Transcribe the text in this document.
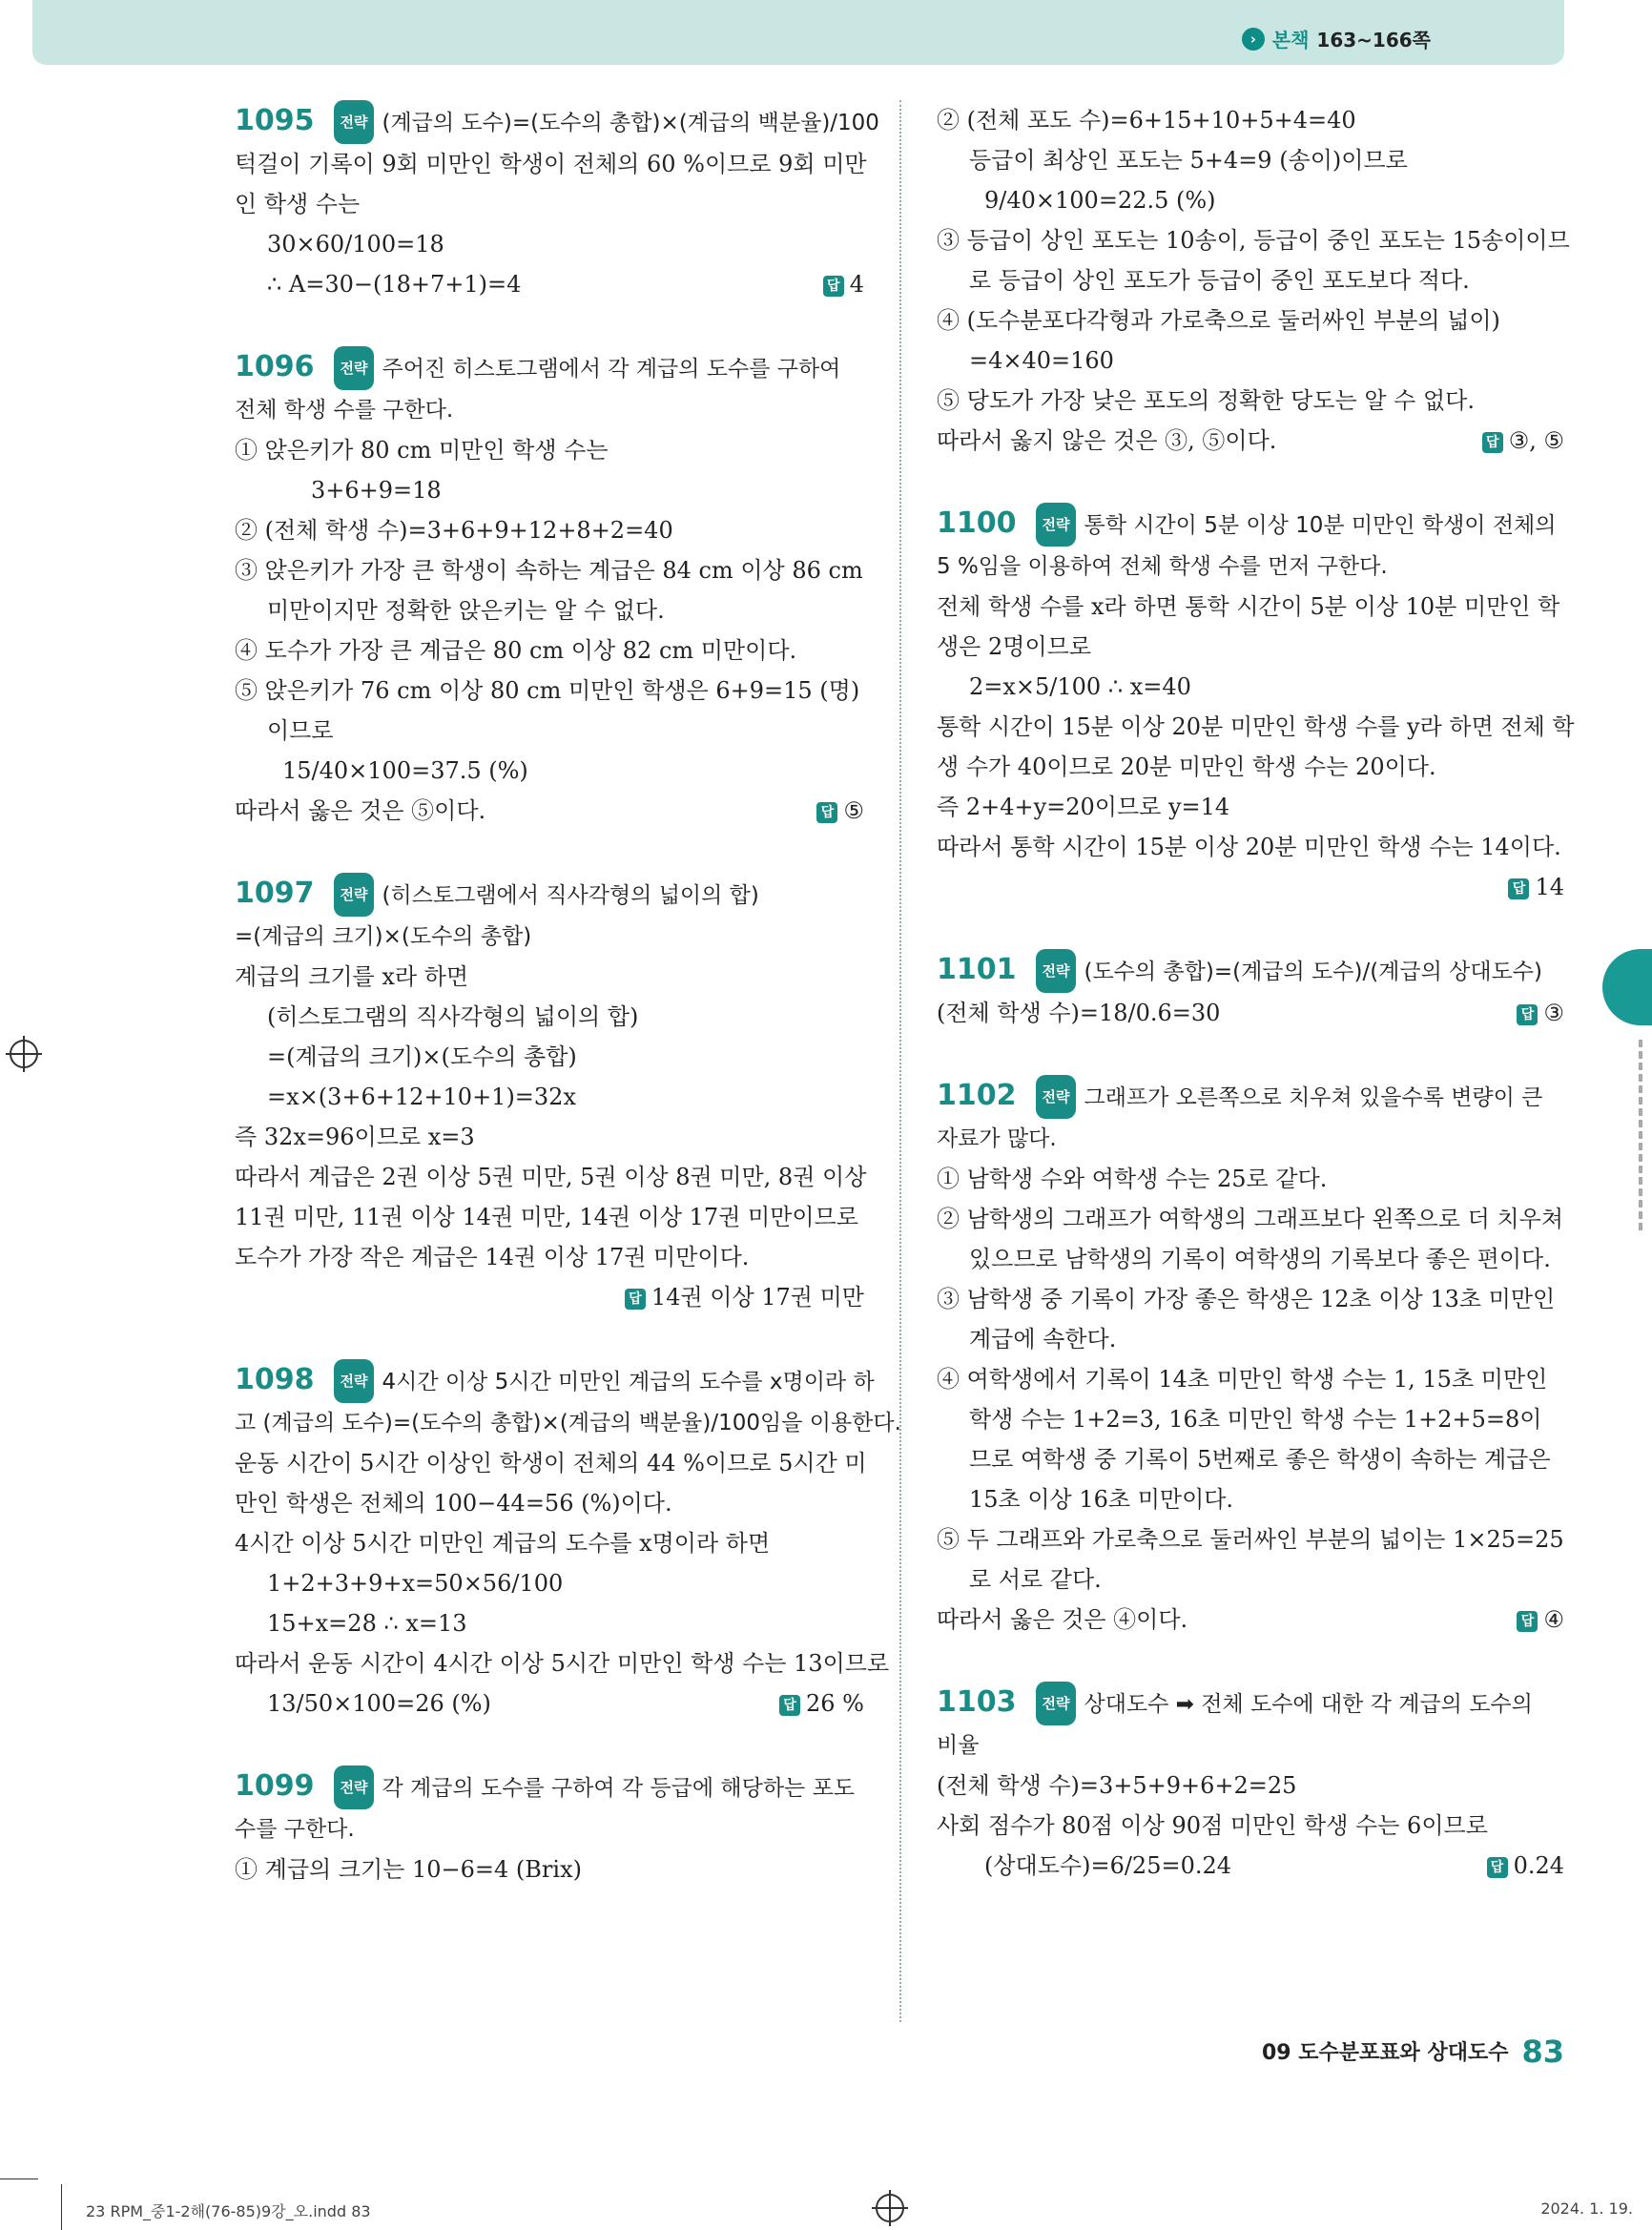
› 본책 163~166쪽
1095 전략 (계급의 도수)=(도수의 총합)×(계급의 백분율)/100
턱걸이 기록이 9회 미만인 학생이 전체의 60 %이므로 9회 미만
인 학생 수는
30×60/100=18
답 4
∴ A=30−(18+7+1)=4
1096 전략 주어진 히스토그램에서 각 계급의 도수를 구하여
전체 학생 수를 구한다.
① 앉은키가 80 cm 미만인 학생 수는
3+6+9=18
② (전체 학생 수)=3+6+9+12+8+2=40
③ 앉은키가 가장 큰 학생이 속하는 계급은 84 cm 이상 86 cm
미만이지만 정확한 앉은키는 알 수 없다.
④ 도수가 가장 큰 계급은 80 cm 이상 82 cm 미만이다.
⑤ 앉은키가 76 cm 이상 80 cm 미만인 학생은 6+9=15 (명)
이므로
15/40×100=37.5 (%)
답 ⑤
따라서 옳은 것은 ⑤이다.
1097 전략 (히스토그램에서 직사각형의 넓이의 합)
=(계급의 크기)×(도수의 총합)
계급의 크기를 x라 하면
(히스토그램의 직사각형의 넓이의 합)
=(계급의 크기)×(도수의 총합)
=x×(3+6+12+10+1)=32x
즉 32x=96이므로 x=3
따라서 계급은 2권 이상 5권 미만, 5권 이상 8권 미만, 8권 이상
11권 미만, 11권 이상 14권 미만, 14권 이상 17권 미만이므로
도수가 가장 작은 계급은 14권 이상 17권 미만이다.
답 14권 이상 17권 미만
1098 전략 4시간 이상 5시간 미만인 계급의 도수를 x명이라 하
고 (계급의 도수)=(도수의 총합)×(계급의 백분율)/100임을 이용한다.
운동 시간이 5시간 이상인 학생이 전체의 44 %이므로 5시간 미
만인 학생은 전체의 100−44=56 (%)이다.
4시간 이상 5시간 미만인 계급의 도수를 x명이라 하면
1+2+3+9+x=50×56/100
15+x=28 ∴ x=13
따라서 운동 시간이 4시간 이상 5시간 미만인 학생 수는 13이므로
답 26 %
13/50×100=26 (%)
1099 전략 각 계급의 도수를 구하여 각 등급에 해당하는 포도
수를 구한다.
① 계급의 크기는 10−6=4 (Brix)
② (전체 포도 수)=6+15+10+5+4=40
등급이 최상인 포도는 5+4=9 (송이)이므로
9/40×100=22.5 (%)
③ 등급이 상인 포도는 10송이, 등급이 중인 포도는 15송이이므
로 등급이 상인 포도가 등급이 중인 포도보다 적다.
④ (도수분포다각형과 가로축으로 둘러싸인 부분의 넓이)
=4×40=160
⑤ 당도가 가장 낮은 포도의 정확한 당도는 알 수 없다.
답 ③, ⑤
따라서 옳지 않은 것은 ③, ⑤이다.
1100 전략 통학 시간이 5분 이상 10분 미만인 학생이 전체의
5 %임을 이용하여 전체 학생 수를 먼저 구한다.
전체 학생 수를 x라 하면 통학 시간이 5분 이상 10분 미만인 학
생은 2명이므로
2=x×5/100 ∴ x=40
통학 시간이 15분 이상 20분 미만인 학생 수를 y라 하면 전체 학
생 수가 40이므로 20분 미만인 학생 수는 20이다.
즉 2+4+y=20이므로 y=14
따라서 통학 시간이 15분 이상 20분 미만인 학생 수는 14이다.
답 14
1101 전략 (도수의 총합)=(계급의 도수)/(계급의 상대도수)
답 ③
(전체 학생 수)=18/0.6=30
1102 전략 그래프가 오른쪽으로 치우쳐 있을수록 변량이 큰
자료가 많다.
① 남학생 수와 여학생 수는 25로 같다.
② 남학생의 그래프가 여학생의 그래프보다 왼쪽으로 더 치우쳐
있으므로 남학생의 기록이 여학생의 기록보다 좋은 편이다.
③ 남학생 중 기록이 가장 좋은 학생은 12초 이상 13초 미만인
계급에 속한다.
④ 여학생에서 기록이 14초 미만인 학생 수는 1, 15초 미만인
학생 수는 1+2=3, 16초 미만인 학생 수는 1+2+5=8이
므로 여학생 중 기록이 5번째로 좋은 학생이 속하는 계급은
15초 이상 16초 미만이다.
⑤ 두 그래프와 가로축으로 둘러싸인 부분의 넓이는 1×25=25
로 서로 같다.
답 ④
따라서 옳은 것은 ④이다.
1103 전략 상대도수 ➡ 전체 도수에 대한 각 계급의 도수의
비율
(전체 학생 수)=3+5+9+6+2=25
사회 점수가 80점 이상 90점 미만인 학생 수는 6이므로
답 0.24
(상대도수)=6/25=0.24
09 도수분포표와 상대도수 83
23 RPM_중1-2해(76-85)9강_오.indd 83	2024. 1. 19.
